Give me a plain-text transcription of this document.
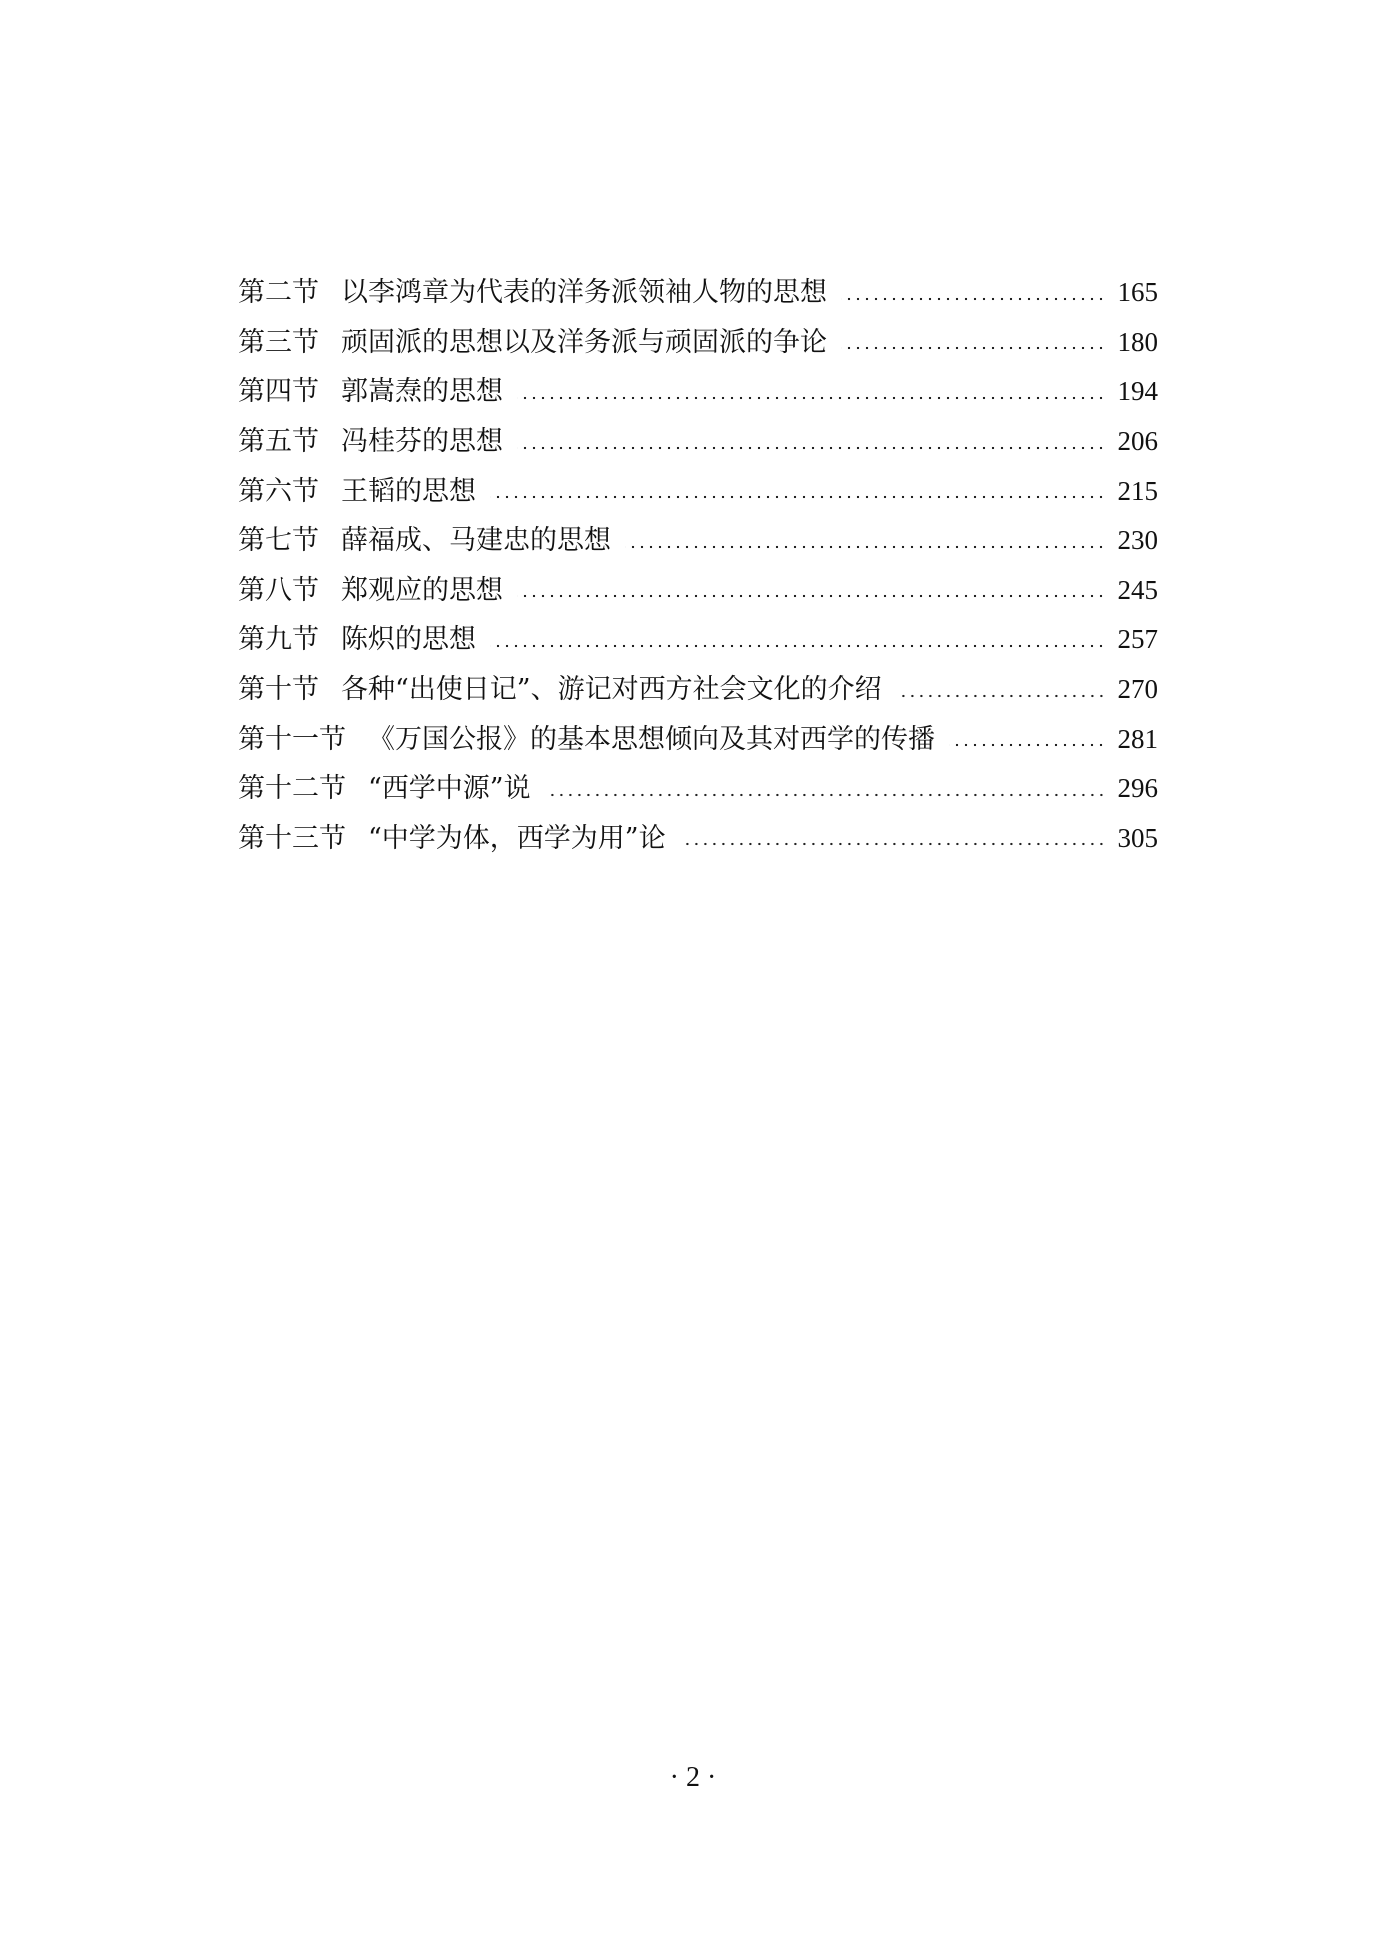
第二节 以李鸿章为代表的洋务派领袖人物的思想	165
第三节 顽固派的思想以及洋务派与顽固派的争论	180
第四节 郭嵩焘的思想	194
第五节 冯桂芬的思想	206
第六节 王韬的思想	215
第七节 薛福成、马建忠的思想	230
第八节 郑观应的思想	245
第九节 陈炽的思想	257
第十节 各种“出使日记”、游记对西方社会文化的介绍	270
第十一节 《万国公报》的基本思想倾向及其对西学的传播	281
第十二节 “西学中源”说	296
第十三节 “中学为体，西学为用”论	305
· 2 ·
